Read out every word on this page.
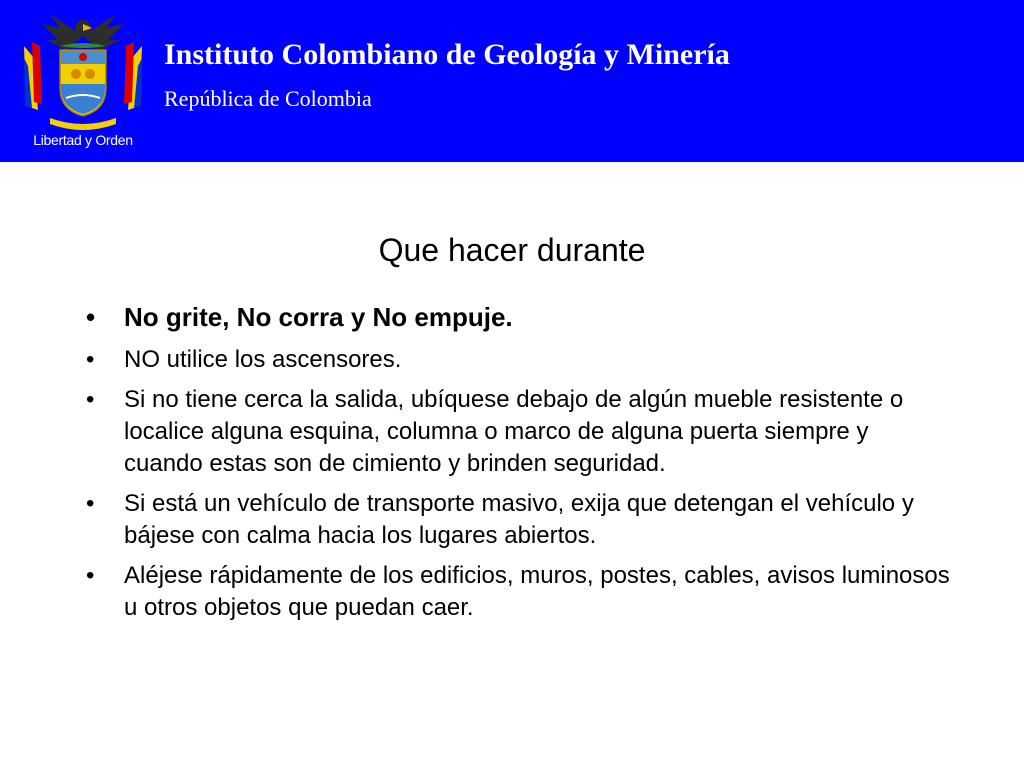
Libertad y Orden
Instituto Colombiano de Geología y Minería
República de Colombia
Que hacer durante
• No grite, No corra y No empuje.
• NO utilice los ascensores.
• Si no tiene cerca la salida, ubíquese debajo de algún mueble resistente o localice alguna esquina, columna o marco de alguna puerta siempre y cuando estas son de cimiento y brinden seguridad.
• Si está un vehículo de transporte masivo, exija que detengan el vehículo y bájese con calma hacia los lugares abiertos.
• Aléjese rápidamente de los edificios, muros, postes, cables, avisos luminosos u otros objetos que puedan caer.
